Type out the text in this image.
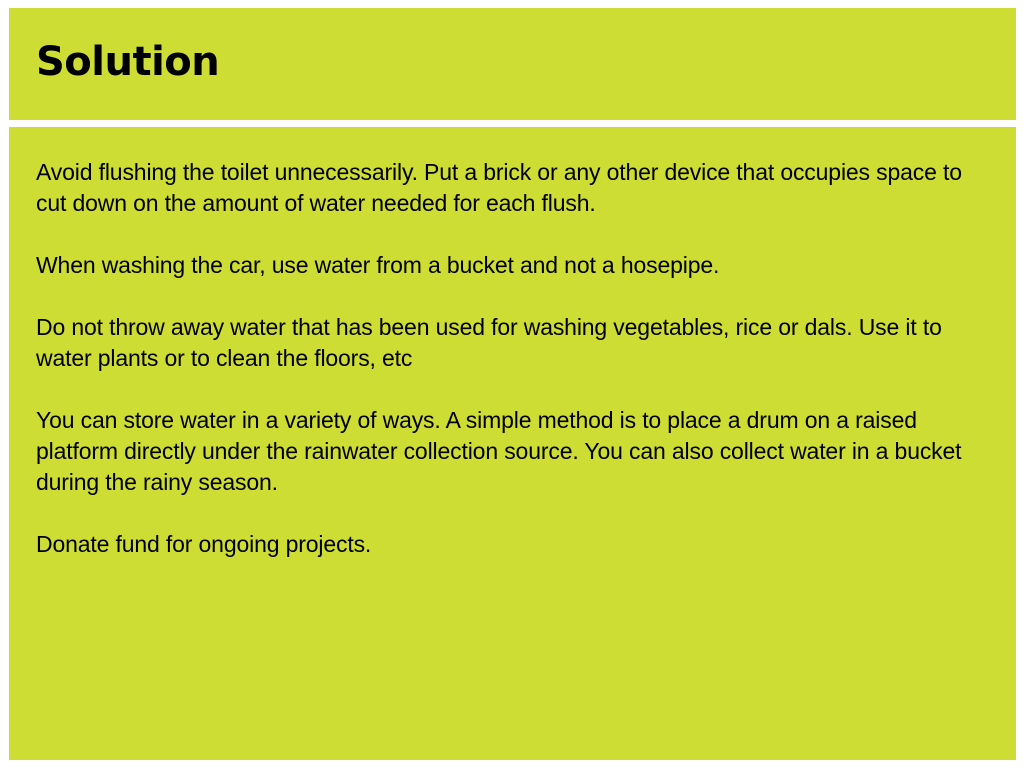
Solution
Avoid flushing the toilet unnecessarily. Put a brick or any other device that occupies space to cut down on the amount of water needed for each flush.
When washing the car, use water from a bucket and not a hosepipe.
Do not throw away water that has been used for washing vegetables, rice or dals. Use it to water plants or to clean the floors, etc
You can store water in a variety of ways. A simple method is to place a drum on a raised platform directly under the rainwater collection source. You can also collect water in a bucket during the rainy season.
Donate fund for ongoing projects.
